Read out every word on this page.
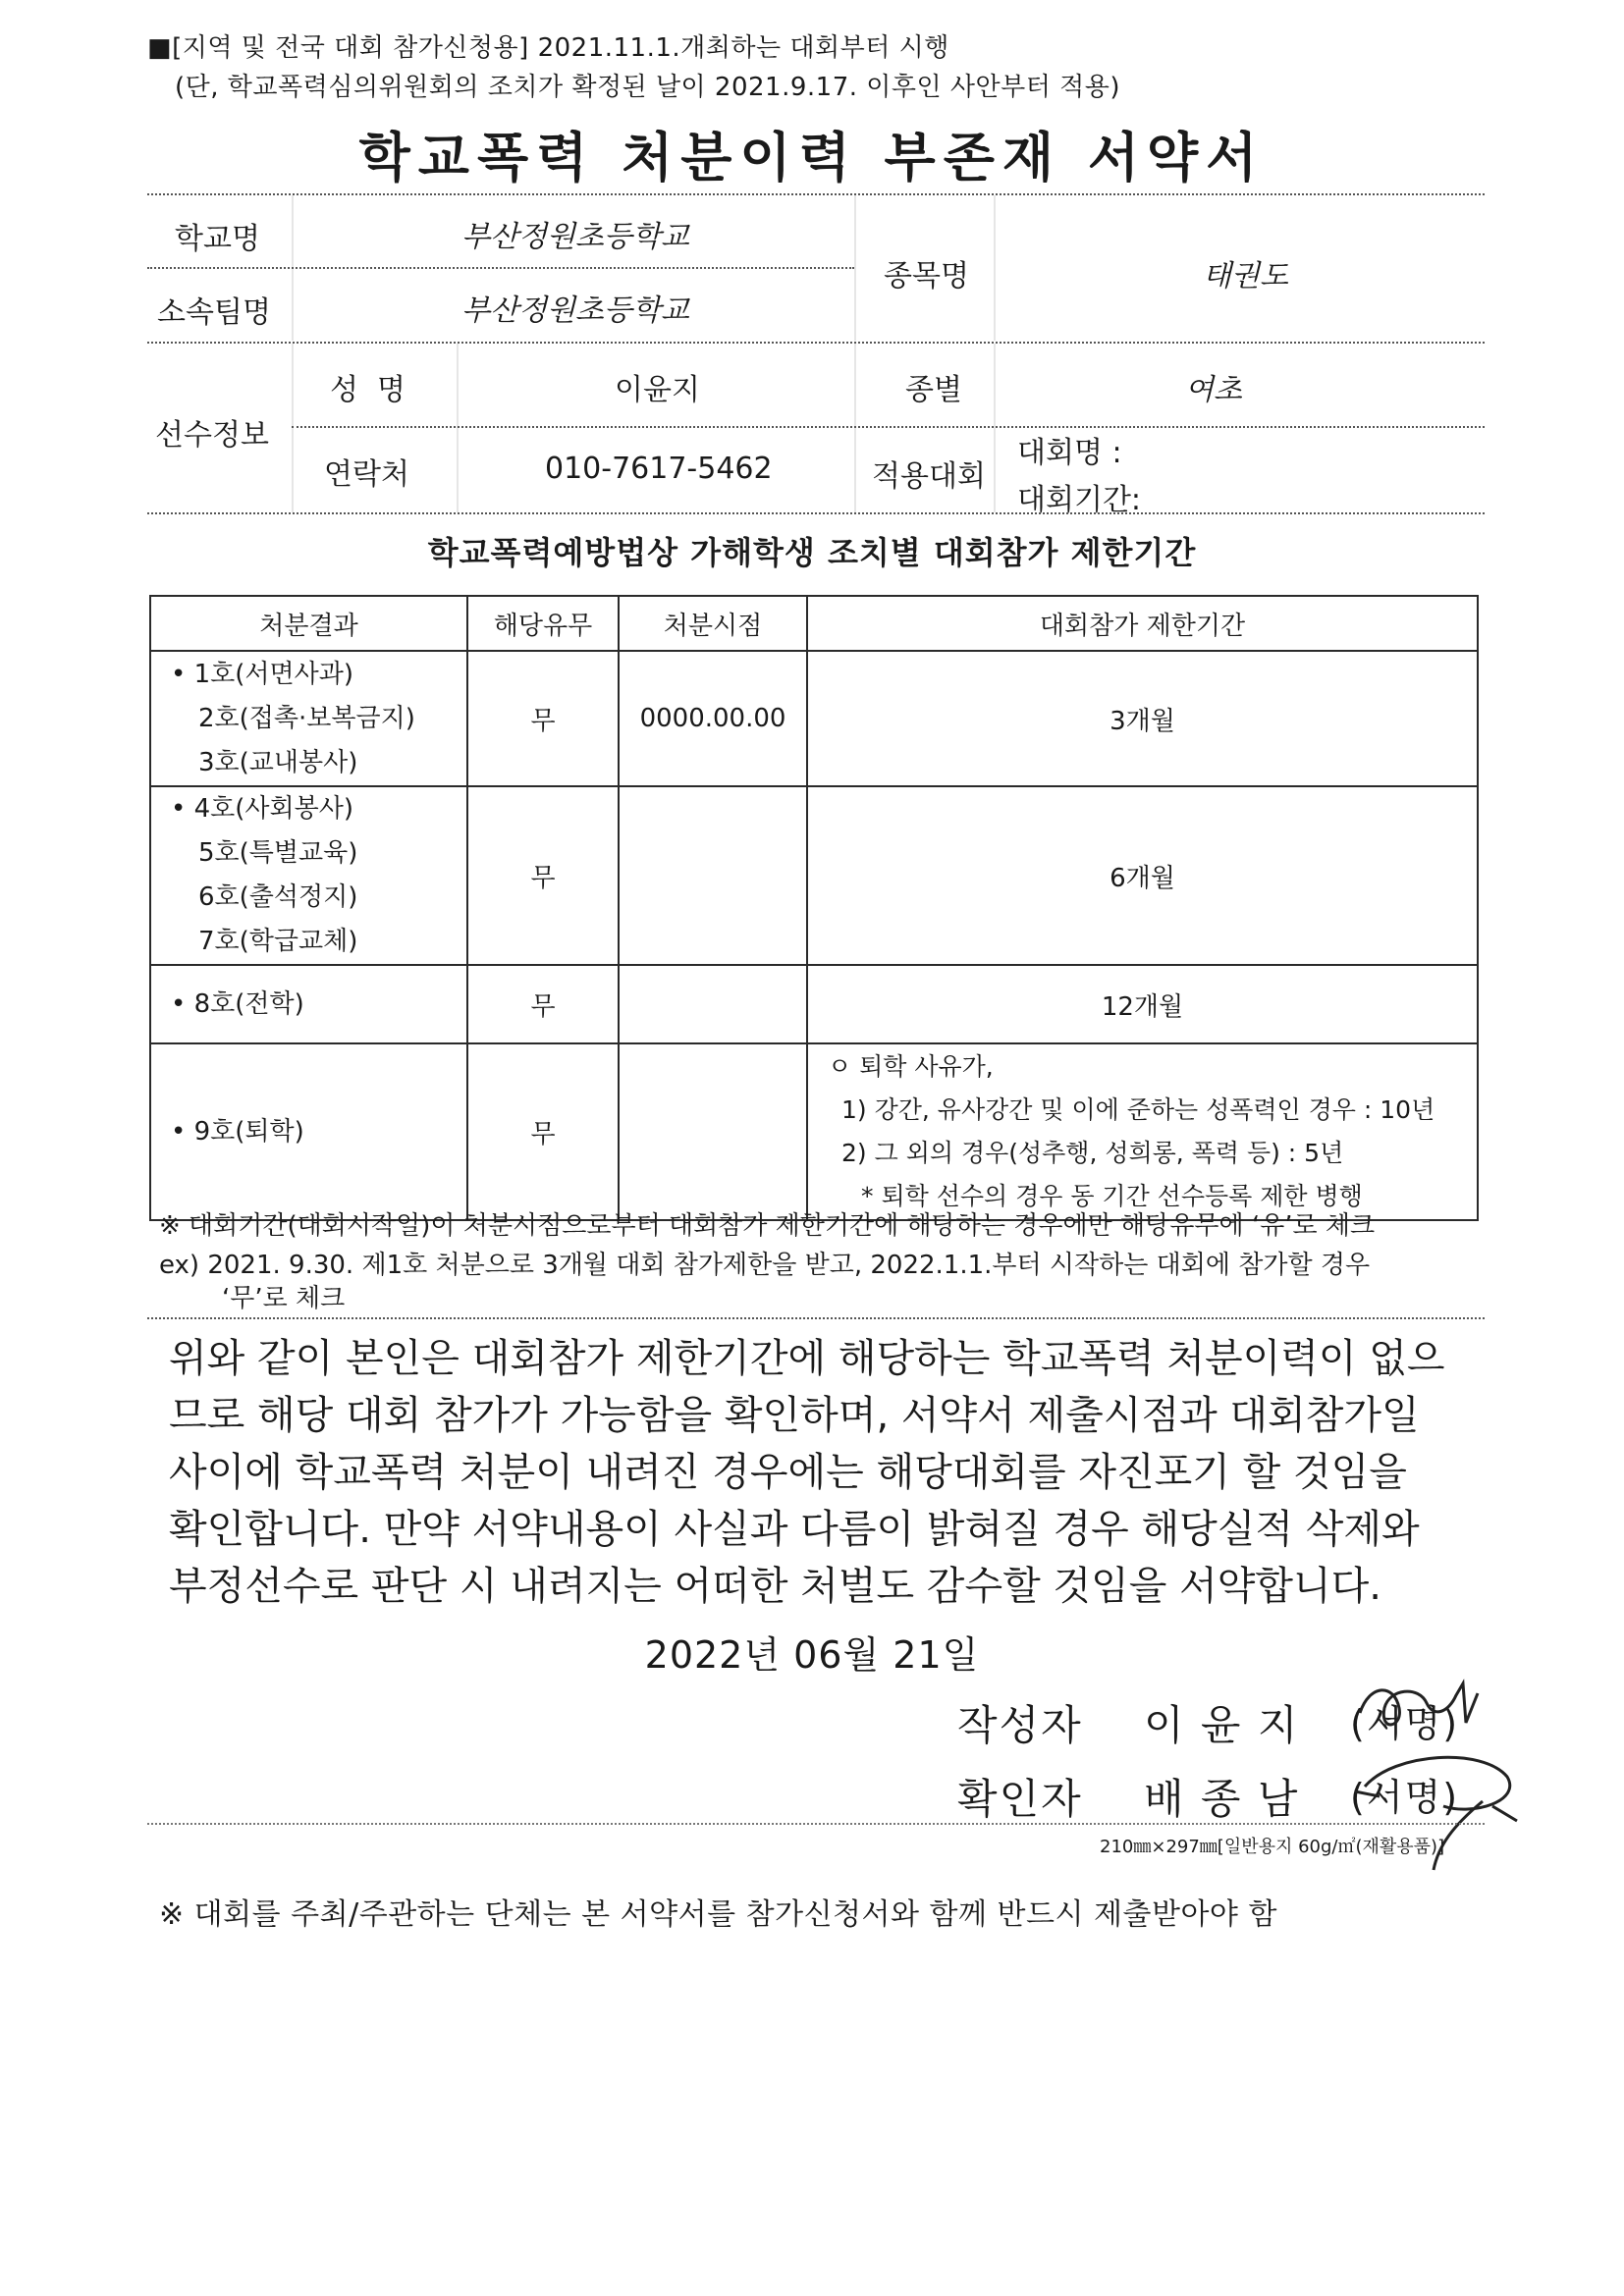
■[지역 및 전국 대회 참가신청용] 2021.11.1.개최하는 대회부터 시행
(단, 학교폭력심의위원회의 조치가 확정된 날이 2021.9.17. 이후인 사안부터 적용)
학교폭력 처분이력 부존재 서약서
학교명	부산정원초등학교
소속팀명	부산정원초등학교
종목명	태권도
선수정보
성  명	이윤지	종별	여초
연락처	010-7617-5462	적용대회
대회명 :
대회기간:
학교폭력예방법상 가해학생 조치별 대회참가 제한기간
처분결과	해당유무	처분시점	대회참가 제한기간

• 1호(서면사과)
2호(접촉·보복금지)
3호(교내봉사)	무	0000.00.00	3개월

• 4호(사회봉사)
5호(특별교육)
6호(출석정지)
7호(학급교체)	무		6개월

• 8호(전학)	무		12개월

• 9호(퇴학)	무		ㅇ 퇴학 사유가,
1) 강간, 유사강간 및 이에 준하는 성폭력인 경우 : 10년
2) 그 외의 경우(성추행, 성희롱, 폭력 등) : 5년
* 퇴학 선수의 경우 동 기간 선수등록 제한 병행
※ 대회기간(대회시작일)이 처분시점으로부터 대회참가 제한기간에 해당하는 경우에만 해당유무에 ‘유’로 체크
ex) 2021. 9.30. 제1호 처분으로 3개월 대회 참가제한을 받고, 2022.1.1.부터 시작하는 대회에 참가할 경우
‘무’로 체크
위와 같이 본인은 대회참가 제한기간에 해당하는 학교폭력 처분이력이 없으
므로 해당 대회 참가가 가능함을 확인하며, 서약서 제출시점과 대회참가일
사이에 학교폭력 처분이 내려진 경우에는 해당대회를 자진포기 할 것임을
확인합니다. 만약 서약내용이 사실과 다름이 밝혀질 경우 해당실적 삭제와
부정선수로 판단 시 내려지는 어떠한 처벌도 감수할 것임을 서약합니다.
2022년 06월 21일
작성자 이 윤 지 (서명)
확인자 배 종 남 (서명)
210㎜×297㎜[일반용지 60g/㎡(재활용품)]
※ 대회를 주최/주관하는 단체는 본 서약서를 참가신청서와 함께 반드시 제출받아야 함
